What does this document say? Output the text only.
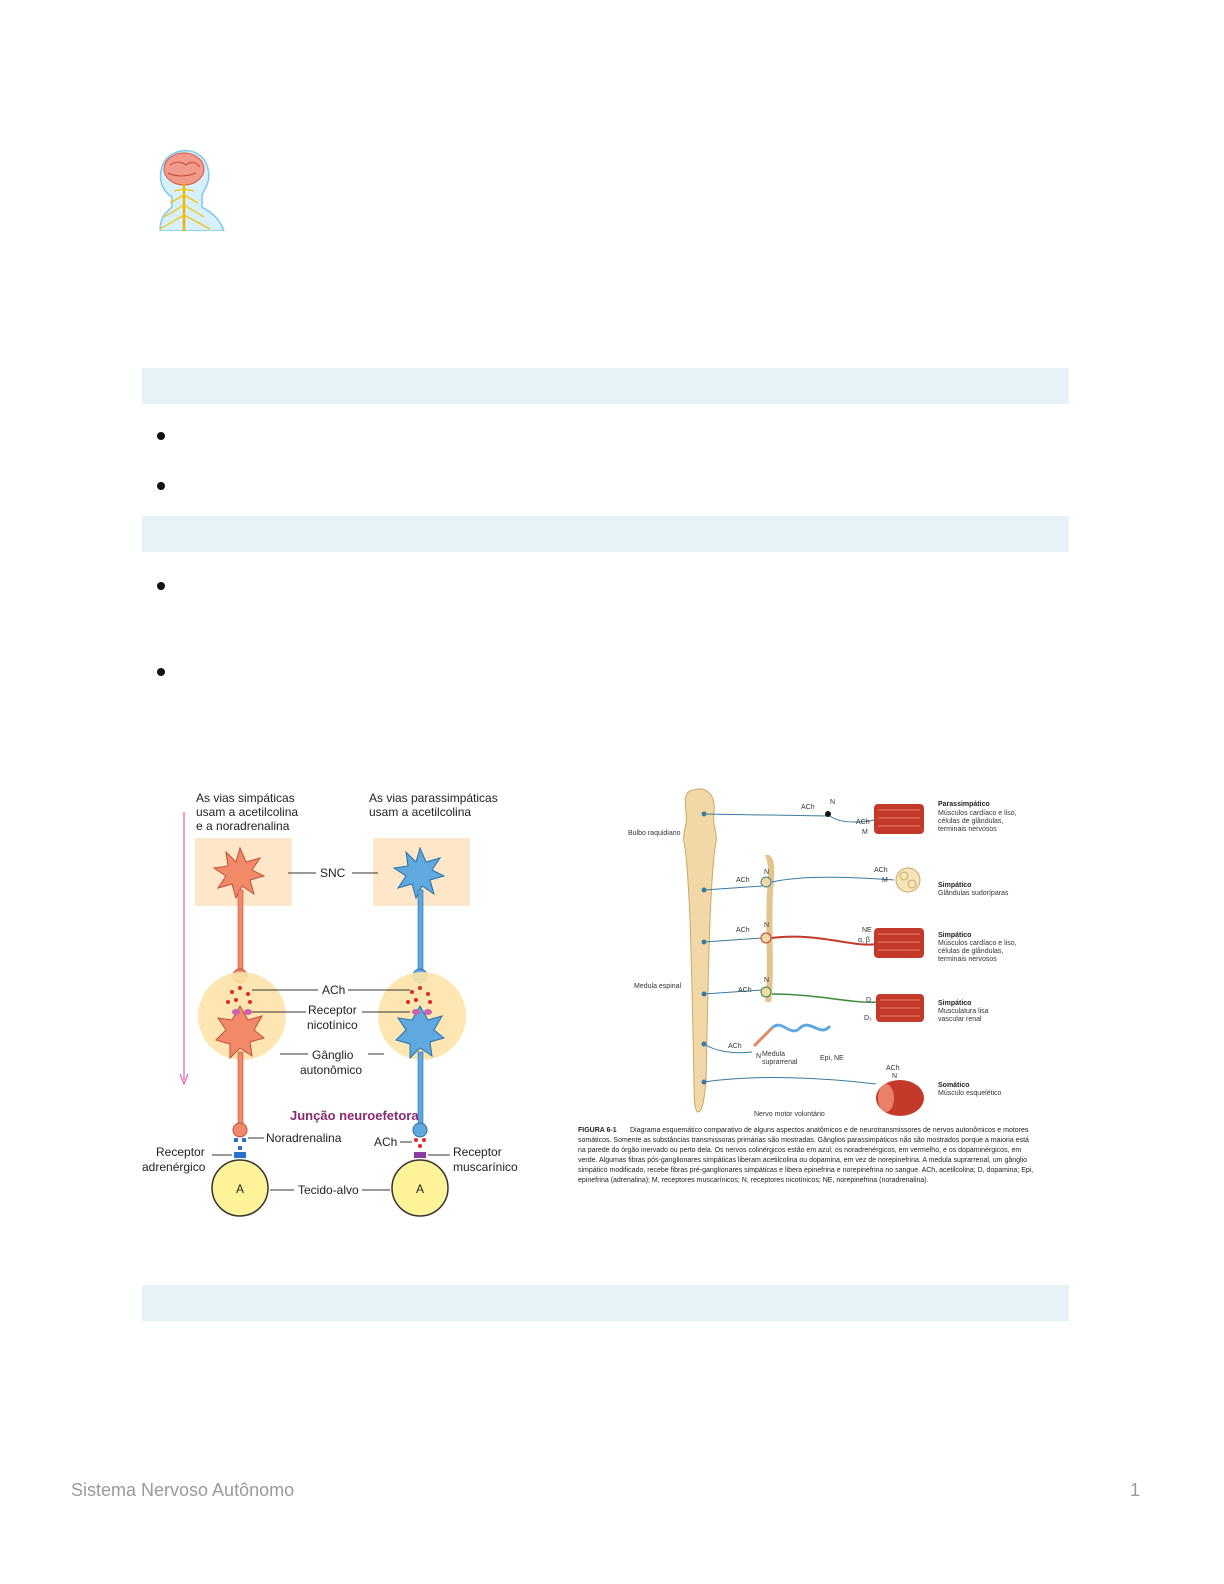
As vias simpáticas
usam a acetilcolina
e a noradrenalina
As vias parassimpáticas
usam a acetilcolina
A	A
SNC
ACh
Receptor
nicotínico
Gânglio
autonômico
Junção neuroefetora
Noradrenalina	ACh
Receptor
adrenérgico
Receptor
muscarínico
Tecido-alvo
Bulbo raquidiano
Medula espinal
Nervo motor voluntário
ACh
N
ACh
M
ACh
N	ACh
M
ACh
N
NE
α, β
ACh
N
D
D₁
ACh
N Medula
suprarrenal
Epi, NE
ACh
N
Parassimpático
Músculos cardíaco e liso,
células de glândulas,
terminais nervosos
Simpático
Glândulas sudoríparas
Simpático
Músculos cardíaco e liso,
células de glândulas,
terminais nervosos
Simpático
Musculatura lisa
vascular renal
Somático
Músculo esquelético
FIGURA 6-1 Diagrama esquemático comparativo de alguns aspectos anatômicos e de neurotransmissores de nervos autonômicos e motores
somáticos. Somente as substâncias transmissoras primárias são mostradas. Gânglios parassimpáticos não são mostrados porque a maioria está
na parede do órgão inervado ou perto dela. Os nervos colinérgicos estão em azul; os noradrenérgicos, em vermelho, e os dopaminérgicos, em
verde. Algumas fibras pós-ganglionares simpáticas liberam acetilcolina ou dopamina, em vez de norepinefrina. A medula suprarrenal, um gânglio
simpático modificado, recebe fibras pré-ganglionares simpáticas e libera epinefrina e norepinefrina no sangue. ACh, acetilcolina; D, dopamina; Epi,
epinefrina (adrenalina); M, receptores muscarínicos; N, receptores nicotínicos; NE, norepinefrina (noradrenalina).
Sistema Nervoso Autônomo	1
